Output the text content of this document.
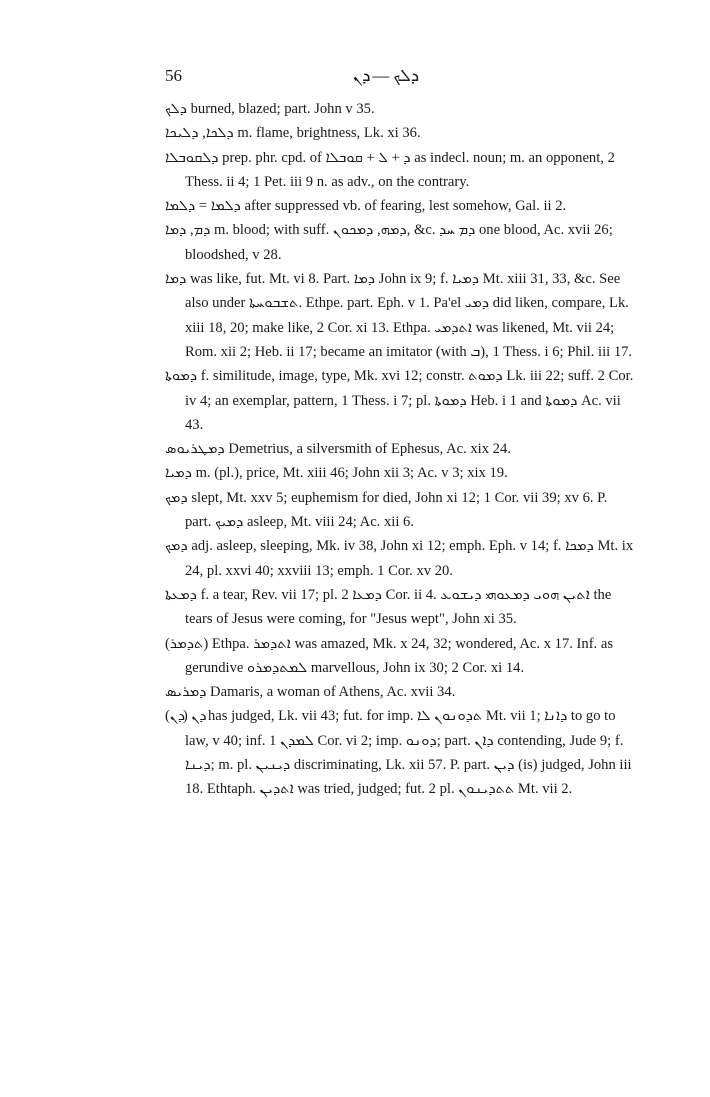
56	ܕܠܟ — ܕܢ

ܕܠܟ burned, blazed; part. John v 35.

ܕܠܟܐ, ܕܠܝܟܐ m. flame, brightness, Lk. xi 36.

ܕܠܩܘܒܠܐ prep. phr. cpd. of ܕ + ܠ + ܩܘܒܠܐ as indecl. noun; m. an opponent, 2 Thess. ii 4; 1 Pet. iii 9 n. as adv., on the contrary.

ܕܠܡܐ = ܕܠܡܐ after suppressed vb. of fearing, lest somehow, Gal. ii 2.

ܕܡ, ܕܡܐ m. blood; with suff. ܕܡܗ, ܕܡܟܘܢ, &c. ܕܡ ܚܕ one blood, Ac. xvii 26; bloodshed, v 28.

ܕܡܐ was like, fut. Mt. vi 8. Part. ܕܡܐ John ix 9; f. ܕܡܝܐ Mt. xiii 31, 33, &c. See also under ܬܫܒܘܚܬܐ. Ethpe. part. Eph. v 1. Pa'el ܕܡܝ did liken, compare, Lk. xiii 18, 20; make like, 2 Cor. xi 13. Ethpa. ܐܬܕܡܝ was likened, Mt. vii 24; Rom. xii 2; Heb. ii 17; became an imitator (with ܒ), 1 Thess. i 6; Phil. iii 17.

ܕܡܘܬܐ f. similitude, image, type, Mk. xvi 12; constr. ܕܡܘܬ Lk. iii 22; suff. 2 Cor. iv 4; an exemplar, pattern, 1 Thess. i 7; pl. ܕܡܘܬܐ Heb. i 1 and ܕܡܘܬܐ Ac. vii 43.

ܕܡܛܪܝܘܣ Demetrius, a silversmith of Ephesus, Ac. xix 24.

ܕܡܝܐ m. (pl.), price, Mt. xiii 46; John xii 3; Ac. v 3; xix 19.

ܕܡܟ slept, Mt. xxv 5; euphemism for died, John xi 12; 1 Cor. vii 39; xv 6. P. part. ܕܡܝܟ asleep, Mt. viii 24; Ac. xii 6.

ܕܡܟ adj. asleep, sleeping, Mk. iv 38, John xi 12; emph. Eph. v 14; f. ܕܡܟܐ Mt. ix 24, pl. xxvi 40; xxviii 13; emph. 1 Cor. xv 20.

ܕܡܥܬܐ f. a tear, Rev. vii 17; pl. ܕܡܥܐ 2 Cor. ii 4. ܐܬܝܢ ܗܘܝ ܕܡܥܘܗܝ ܕܝܫܘܥ the tears of Jesus were coming, for "Jesus wept", John xi 35.

(ܬܕܡܪ) Ethpa. ܐܬܕܡܪ was amazed, Mk. x 24, 32; wondered, Ac. x 17. Inf. as gerundive ܠܡܬܕܡܪܘ marvellous, John ix 30; 2 Cor. xi 14.

ܕܡܪܝܣ Damaris, a woman of Athens, Ac. xvii 34.

ܕܢ (ܕܢ) has judged, Lk. vii 43; fut. for imp. ܬܕܘܢܘܢ ܠܐ Mt. vii 1; ܕܐܢܐ to go to law, v 40; inf. ܠܡܕܢ 1 Cor. vi 2; imp. ܕܘܢܘ; part. ܕܐܢ contending, Jude 9; f. ܕܝܢܐ; m. pl. ܕܝܢܝܢ discriminating, Lk. xii 57. P. part. ܕܝܢ (is) judged, John iii 18. Ethtaph. ܐܬܕܝܢ was tried, judged; fut. 2 pl. ܬܬܕܝܢܘܢ Mt. vii 2.
